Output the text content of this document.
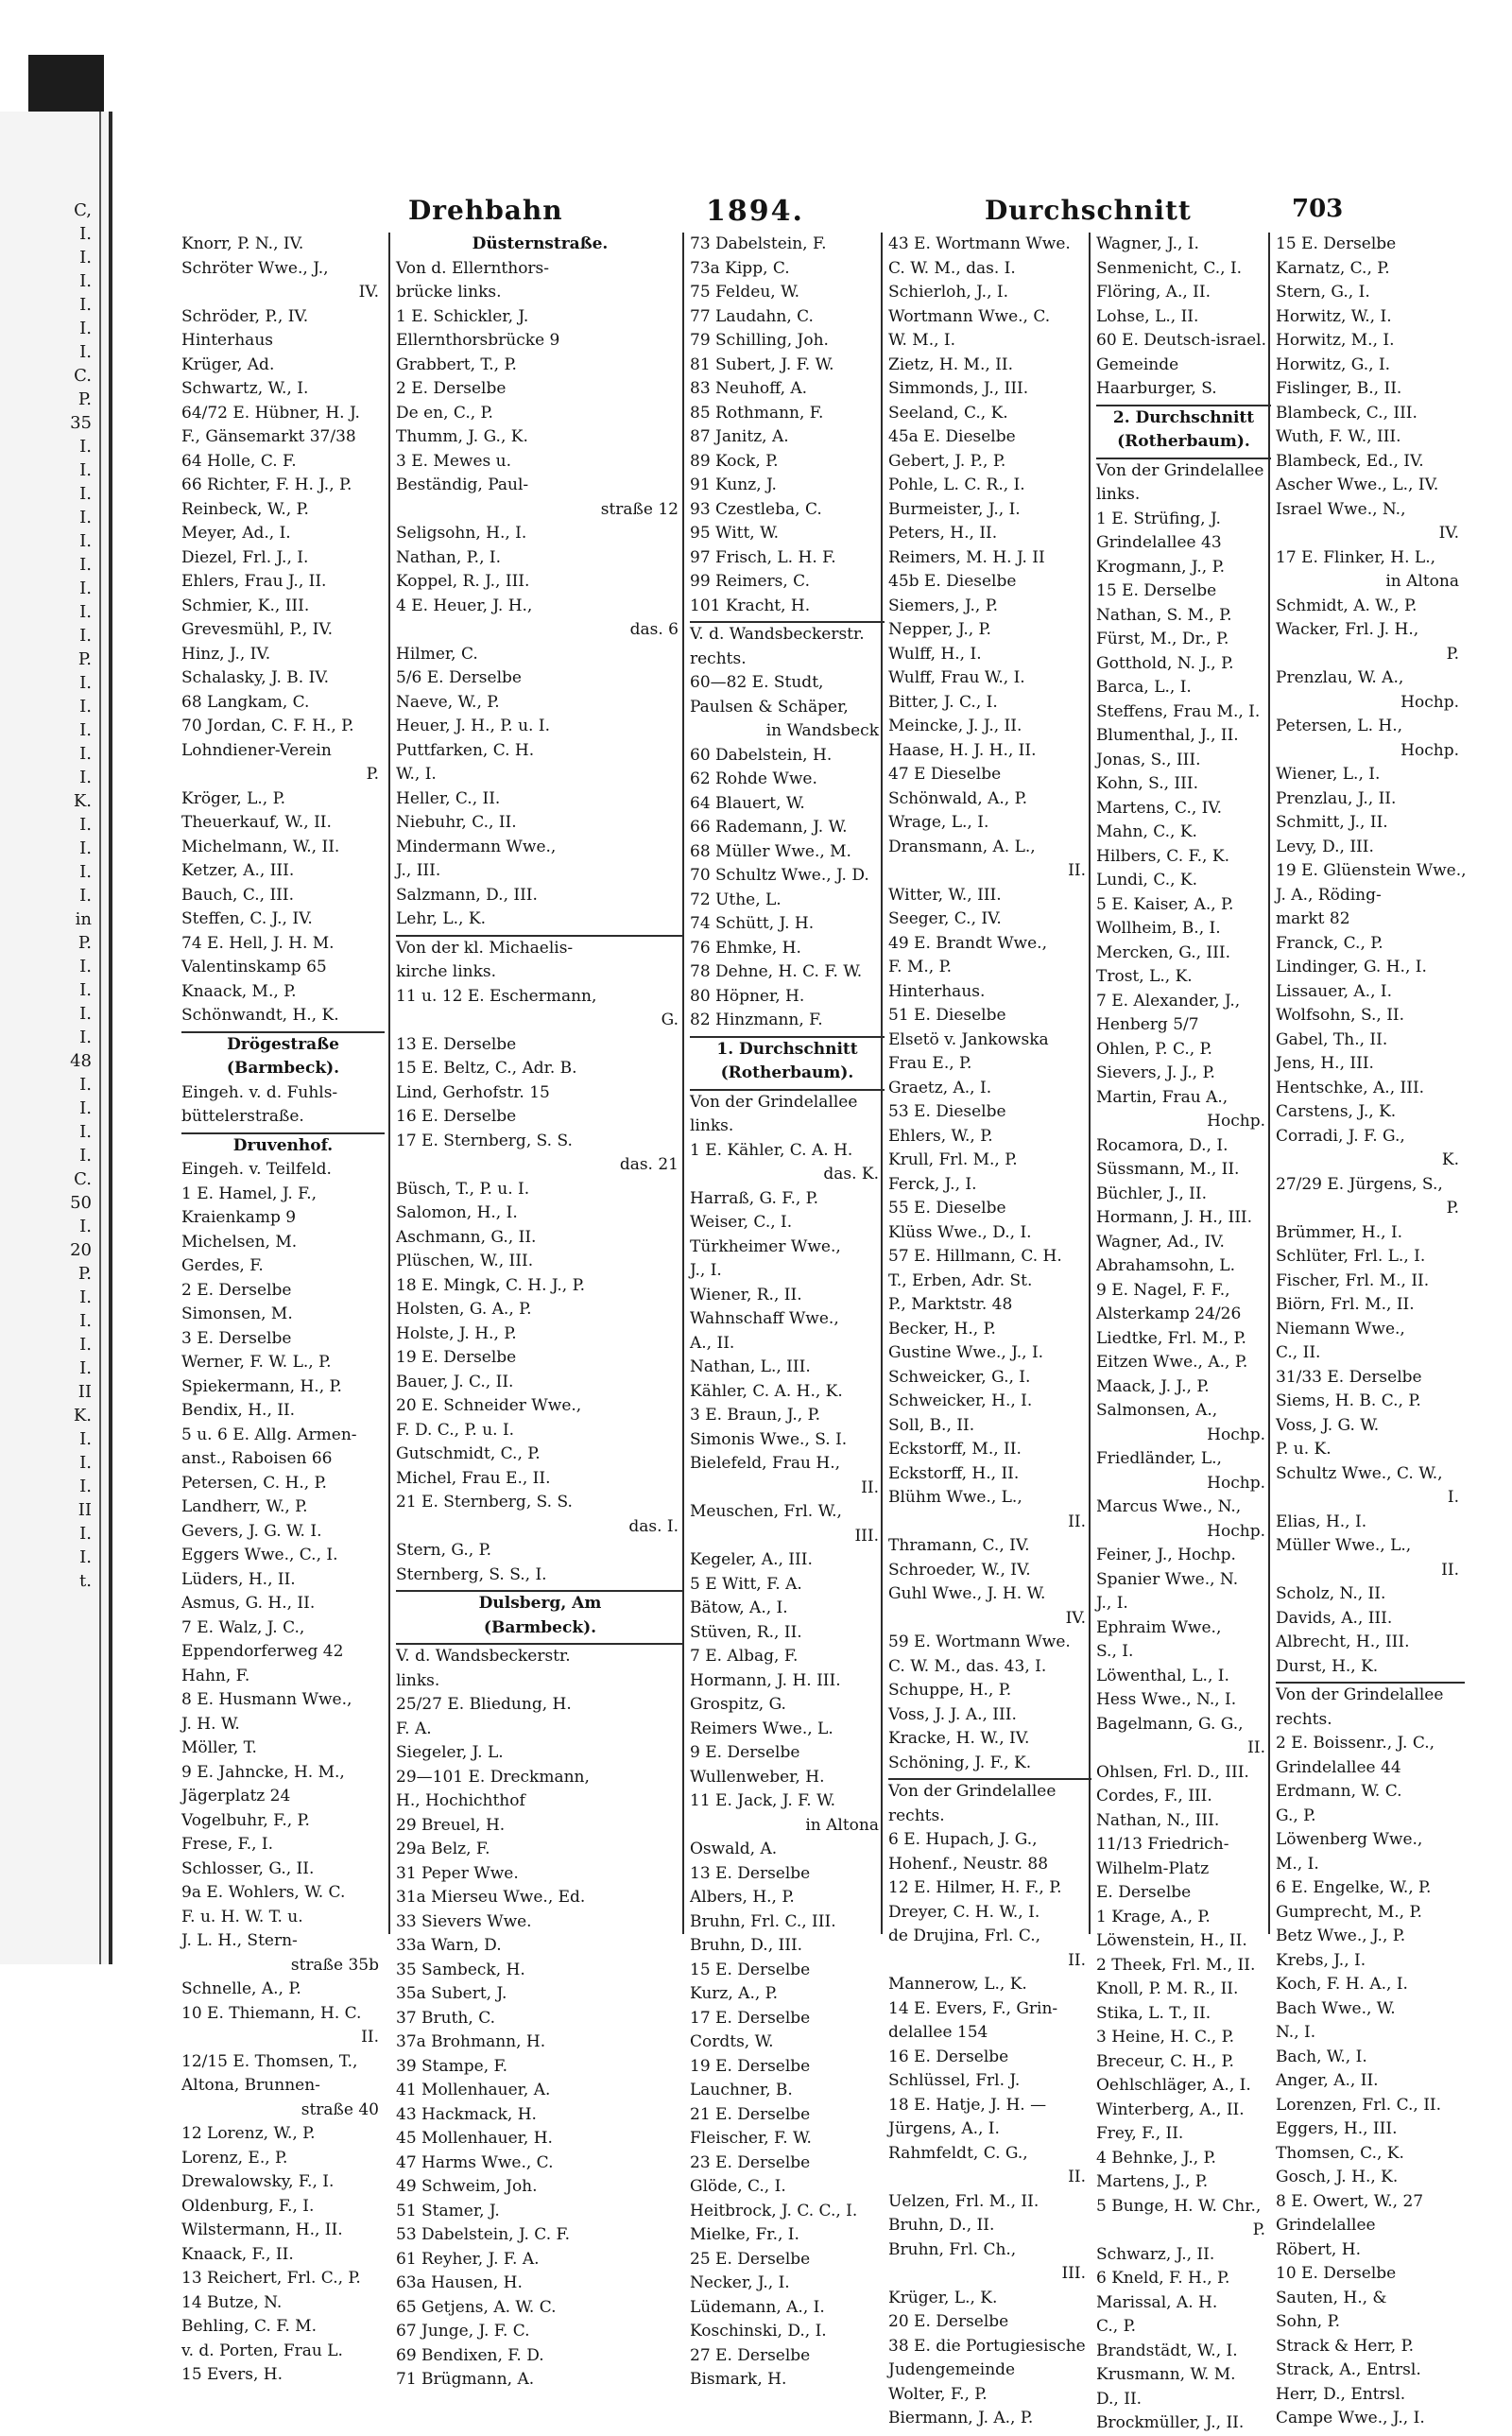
C,
I.
I.
I.
I.
I.
I.
C.
P.
35
I.
I.
I.
I.
I.
I.
I.
I.
I.
P.
I.
I.
I.
I.
I.
K.
I.
I.
I.
I.
in
P.
I.
I.
I.
I.
48
I.
I.
I.
I.
C.
50
I.
20
P.
I.
I.
I.
I.
II
K.
I.
I.
I.
II
I.
I.
t.
Drehbahn	1894.	Durchschnitt	703
Knorr, P. N., IV.
Schröter Wwe., J.,
IV.
Schröder, P., IV.
Hinterhaus
Krüger, Ad.
Schwartz, W., I.
64/72 E. Hübner, H. J.
F., Gänsemarkt 37/38
64 Holle, C. F.
66 Richter, F. H. J., P.
Reinbeck, W., P.
Meyer, Ad., I.
Diezel, Frl. J., I.
Ehlers, Frau J., II.
Schmier, K., III.
Grevesmühl, P., IV.
Hinz, J., IV.
Schalasky, J. B. IV.
68 Langkam, C.
70 Jordan, C. F. H., P.
Lohndiener-Verein
P.
Kröger, L., P.
Theuerkauf, W., II.
Michelmann, W., II.
Ketzer, A., III.
Bauch, C., III.
Steffen, C. J., IV.
74 E. Hell, J. H. M.
Valentinskamp 65
Knaack, M., P.
Schönwandt, H., K.
Drögestraße
(Barmbeck).
Eingeh. v. d. Fuhls-
büttelerstraße.
Druvenhof.
Eingeh. v. Teilfeld.
1 E. Hamel, J. F.,
Kraienkamp 9
Michelsen, M.
Gerdes, F.
2 E. Derselbe
Simonsen, M.
3 E. Derselbe
Werner, F. W. L., P.
Spiekermann, H., P.
Bendix, H., II.
5 u. 6 E. Allg. Armen-
anst., Raboisen 66
Petersen, C. H., P.
Landherr, W., P.
Gevers, J. G. W. I.
Eggers Wwe., C., I.
Lüders, H., II.
Asmus, G. H., II.
7 E. Walz, J. C.,
Eppendorferweg 42
Hahn, F.
8 E. Husmann Wwe.,
J. H. W.
Möller, T.
9 E. Jahncke, H. M.,
Jägerplatz 24
Vogelbuhr, F., P.
Frese, F., I.
Schlosser, G., II.
9a E. Wohlers, W. C.
F. u. H. W. T. u.
J. L. H., Stern-
straße 35b
Schnelle, A., P.
10 E. Thiemann, H. C.
II.
12/15 E. Thomsen, T.,
Altona, Brunnen-
straße 40
12 Lorenz, W., P.
Lorenz, E., P.
Drewalowsky, F., I.
Oldenburg, F., I.
Wilstermann, H., II.
Knaack, F., II.
13 Reichert, Frl. C., P.
14 Butze, N.
Behling, C. F. M.
v. d. Porten, Frau L.
15 Evers, H.
Düsternstraße.
Von d. Ellernthors-
brücke links.
1 E. Schickler, J.
Ellernthorsbrücke 9
Grabbert, T., P.
2 E. Derselbe
De en, C., P.
Thumm, J. G., K.
3 E. Mewes u.
Beständig, Paul-
straße 12
Seligsohn, H., I.
Nathan, P., I.
Koppel, R. J., III.
4 E. Heuer, J. H.,
das. 6
Hilmer, C.
5/6 E. Derselbe
Naeve, W., P.
Heuer, J. H., P. u. I.
Puttfarken, C. H.
W., I.
Heller, C., II.
Niebuhr, C., II.
Mindermann Wwe.,
J., III.
Salzmann, D., III.
Lehr, L., K.
Von der kl. Michaelis-
kirche links.
11 u. 12 E. Eschermann,
G.
13 E. Derselbe
15 E. Beltz, C., Adr. B.
Lind, Gerhofstr. 15
16 E. Derselbe
17 E. Sternberg, S. S.
das. 21
Büsch, T., P. u. I.
Salomon, H., I.
Aschmann, G., II.
Plüschen, W., III.
18 E. Mingk, C. H. J., P.
Holsten, G. A., P.
Holste, J. H., P.
19 E. Derselbe
Bauer, J. C., II.
20 E. Schneider Wwe.,
F. D. C., P. u. I.
Gutschmidt, C., P.
Michel, Frau E., II.
21 E. Sternberg, S. S.
das. I.
Stern, G., P.
Sternberg, S. S., I.
Dulsberg, Am
(Barmbeck).
V. d. Wandsbeckerstr.
links.
25/27 E. Bliedung, H.
F. A.
Siegeler, J. L.
29—101 E. Dreckmann,
H., Hochichthof
29 Breuel, H.
29a Belz, F.
31 Peper Wwe.
31a Mierseu Wwe., Ed.
33 Sievers Wwe.
33a Warn, D.
35 Sambeck, H.
35a Subert, J.
37 Bruth, C.
37a Brohmann, H.
39 Stampe, F.
41 Mollenhauer, A.
43 Hackmack, H.
45 Mollenhauer, H.
47 Harms Wwe., C.
49 Schweim, Joh.
51 Stamer, J.
53 Dabelstein, J. C. F.
61 Reyher, J. F. A.
63a Hausen, H.
65 Getjens, A. W. C.
67 Junge, J. F. C.
69 Bendixen, F. D.
71 Brügmann, A.
73 Dabelstein, F.
73a Kipp, C.
75 Feldeu, W.
77 Laudahn, C.
79 Schilling, Joh.
81 Subert, J. F. W.
83 Neuhoff, A.
85 Rothmann, F.
87 Janitz, A.
89 Kock, P.
91 Kunz, J.
93 Czestleba, C.
95 Witt, W.
97 Frisch, L. H. F.
99 Reimers, C.
101 Kracht, H.
V. d. Wandsbeckerstr.
rechts.
60—82 E. Studt,
Paulsen & Schäper,
in Wandsbeck
60 Dabelstein, H.
62 Rohde Wwe.
64 Blauert, W.
66 Rademann, J. W.
68 Müller Wwe., M.
70 Schultz Wwe., J. D.
72 Uthe, L.
74 Schütt, J. H.
76 Ehmke, H.
78 Dehne, H. C. F. W.
80 Höpner, H.
82 Hinzmann, F.
1. Durchschnitt
(Rotherbaum).
Von der Grindelallee
links.
1 E. Kähler, C. A. H.
das. K.
Harraß, G. F., P.
Weiser, C., I.
Türkheimer Wwe.,
J., I.
Wiener, R., II.
Wahnschaff Wwe.,
A., II.
Nathan, L., III.
Kähler, C. A. H., K.
3 E. Braun, J., P.
Simonis Wwe., S. I.
Bielefeld, Frau H.,
II.
Meuschen, Frl. W.,
III.
Kegeler, A., III.
5 E Witt, F. A.
Bätow, A., I.
Stüven, R., II.
7 E. Albag, F.
Hormann, J. H. III.
Grospitz, G.
Reimers Wwe., L.
9 E. Derselbe
Wullenweber, H.
11 E. Jack, J. F. W.
in Altona
Oswald, A.
13 E. Derselbe
Albers, H., P.
Bruhn, Frl. C., III.
Bruhn, D., III.
15 E. Derselbe
Kurz, A., P.
17 E. Derselbe
Cordts, W.
19 E. Derselbe
Lauchner, B.
21 E. Derselbe
Fleischer, F. W.
23 E. Derselbe
Glöde, C., I.
Heitbrock, J. C. C., I.
Mielke, Fr., I.
25 E. Derselbe
Necker, J., I.
Lüdemann, A., I.
Koschinski, D., I.
27 E. Derselbe
Bismark, H.
43 E. Wortmann Wwe.
C. W. M., das. I.
Schierloh, J., I.
Wortmann Wwe., C.
W. M., I.
Zietz, H. M., II.
Simmonds, J., III.
Seeland, C., K.
45a E. Dieselbe
Gebert, J. P., P.
Pohle, L. C. R., I.
Burmeister, J., I.
Peters, H., II.
Reimers, M. H. J. II
45b E. Dieselbe
Siemers, J., P.
Nepper, J., P.
Wulff, H., I.
Wulff, Frau W., I.
Bitter, J. C., I.
Meincke, J. J., II.
Haase, H. J. H., II.
47 E Dieselbe
Schönwald, A., P.
Wrage, L., I.
Dransmann, A. L.,
II.
Witter, W., III.
Seeger, C., IV.
49 E. Brandt Wwe.,
F. M., P.
Hinterhaus.
51 E. Dieselbe
Elsetö v. Jankowska
Frau E., P.
Graetz, A., I.
53 E. Dieselbe
Ehlers, W., P.
Krull, Frl. M., P.
Ferck, J., I.
55 E. Dieselbe
Klüss Wwe., D., I.
57 E. Hillmann, C. H.
T., Erben, Adr. St.
P., Marktstr. 48
Becker, H., P.
Gustine Wwe., J., I.
Schweicker, G., I.
Schweicker, H., I.
Soll, B., II.
Eckstorff, M., II.
Eckstorff, H., II.
Blühm Wwe., L.,
II.
Thramann, C., IV.
Schroeder, W., IV.
Guhl Wwe., J. H. W.
IV.
59 E. Wortmann Wwe.
C. W. M., das. 43, I.
Schuppe, H., P.
Voss, J. J. A., III.
Kracke, H. W., IV.
Schöning, J. F., K.
Von der Grindelallee
rechts.
6 E. Hupach, J. G.,
Hohenf., Neustr. 88
12 E. Hilmer, H. F., P.
Dreyer, C. H. W., I.
de Drujina, Frl. C.,
II.
Mannerow, L., K.
14 E. Evers, F., Grin-
delallee 154
16 E. Derselbe
Schlüssel, Frl. J.
18 E. Hatje, J. H. —
Jürgens, A., I.
Rahmfeldt, C. G.,
II.
Uelzen, Frl. M., II.
Bruhn, D., II.
Bruhn, Frl. Ch.,
III.
Krüger, L., K.
20 E. Derselbe
38 E. die Portugiesische
Judengemeinde
Wolter, F., P.
Biermann, J. A., P.
Wagner, J., I.
Senmenicht, C., I.
Flöring, A., II.
Lohse, L., II.
60 E. Deutsch-israel.
Gemeinde
Haarburger, S.
2. Durchschnitt
(Rotherbaum).
Von der Grindelallee
links.
1 E. Strüfing, J.
Grindelallee 43
Krogmann, J., P.
15 E. Derselbe
Nathan, S. M., P.
Fürst, M., Dr., P.
Gotthold, N. J., P.
Barca, L., I.
Steffens, Frau M., I.
Blumenthal, J., II.
Jonas, S., III.
Kohn, S., III.
Martens, C., IV.
Mahn, C., K.
Hilbers, C. F., K.
Lundi, C., K.
5 E. Kaiser, A., P.
Wollheim, B., I.
Mercken, G., III.
Trost, L., K.
7 E. Alexander, J.,
Henberg 5/7
Ohlen, P. C., P.
Sievers, J. J., P.
Martin, Frau A.,
Hochp.
Rocamora, D., I.
Süssmann, M., II.
Büchler, J., II.
Hormann, J. H., III.
Wagner, Ad., IV.
Abrahamsohn, L.
9 E. Nagel, F. F.,
Alsterkamp 24/26
Liedtke, Frl. M., P.
Eitzen Wwe., A., P.
Maack, J. J., P.
Salmonsen, A.,
Hochp.
Friedländer, L.,
Hochp.
Marcus Wwe., N.,
Hochp.
Feiner, J., Hochp.
Spanier Wwe., N.
J., I.
Ephraim Wwe.,
S., I.
Löwenthal, L., I.
Hess Wwe., N., I.
Bagelmann, G. G.,
II.
Ohlsen, Frl. D., III.
Cordes, F., III.
Nathan, N., III.
11/13 Friedrich-
Wilhelm-Platz
E. Derselbe
1 Krage, A., P.
Löwenstein, H., II.
2 Theek, Frl. M., II.
Knoll, P. M. R., II.
Stika, L. T., II.
3 Heine, H. C., P.
Breceur, C. H., P.
Oehlschläger, A., I.
Winterberg, A., II.
Frey, F., II.
4 Behnke, J., P.
Martens, J., P.
5 Bunge, H. W. Chr.,
P.
Schwarz, J., II.
6 Kneld, F. H., P.
Marissal, A. H.
C., P.
Brandstädt, W., I.
Krusmann, W. M.
D., II.
Brockmüller, J., II.
15 E. Derselbe
Karnatz, C., P.
Stern, G., I.
Horwitz, W., I.
Horwitz, M., I.
Horwitz, G., I.
Fislinger, B., II.
Blambeck, C., III.
Wuth, F. W., III.
Blambeck, Ed., IV.
Ascher Wwe., L., IV.
Israel Wwe., N.,
IV.
17 E. Flinker, H. L.,
in Altona
Schmidt, A. W., P.
Wacker, Frl. J. H.,
P.
Prenzlau, W. A.,
Hochp.
Petersen, L. H.,
Hochp.
Wiener, L., I.
Prenzlau, J., II.
Schmitt, J., II.
Levy, D., III.
19 E. Glüenstein Wwe.,
J. A., Röding-
markt 82
Franck, C., P.
Lindinger, G. H., I.
Lissauer, A., I.
Wolfsohn, S., II.
Gabel, Th., II.
Jens, H., III.
Hentschke, A., III.
Carstens, J., K.
Corradi, J. F. G.,
K.
27/29 E. Jürgens, S.,
P.
Brümmer, H., I.
Schlüter, Frl. L., I.
Fischer, Frl. M., II.
Biörn, Frl. M., II.
Niemann Wwe.,
C., II.
31/33 E. Derselbe
Siems, H. B. C., P.
Voss, J. G. W.
P. u. K.
Schultz Wwe., C. W.,
I.
Elias, H., I.
Müller Wwe., L.,
II.
Scholz, N., II.
Davids, A., III.
Albrecht, H., III.
Durst, H., K.
Von der Grindelallee
rechts.
2 E. Boissenr., J. C.,
Grindelallee 44
Erdmann, W. C.
G., P.
Löwenberg Wwe.,
M., I.
6 E. Engelke, W., P.
Gumprecht, M., P.
Betz Wwe., J., P.
Krebs, J., I.
Koch, F. H. A., I.
Bach Wwe., W.
N., I.
Bach, W., I.
Anger, A., II.
Lorenzen, Frl. C., II.
Eggers, H., III.
Thomsen, C., K.
Gosch, J. H., K.
8 E. Owert, W., 27
Grindelallee
Röbert, H.
10 E. Derselbe
Sauten, H., &
Sohn, P.
Strack & Herr, P.
Strack, A., Entrsl.
Herr, D., Entrsl.
Campe Wwe., J., I.
